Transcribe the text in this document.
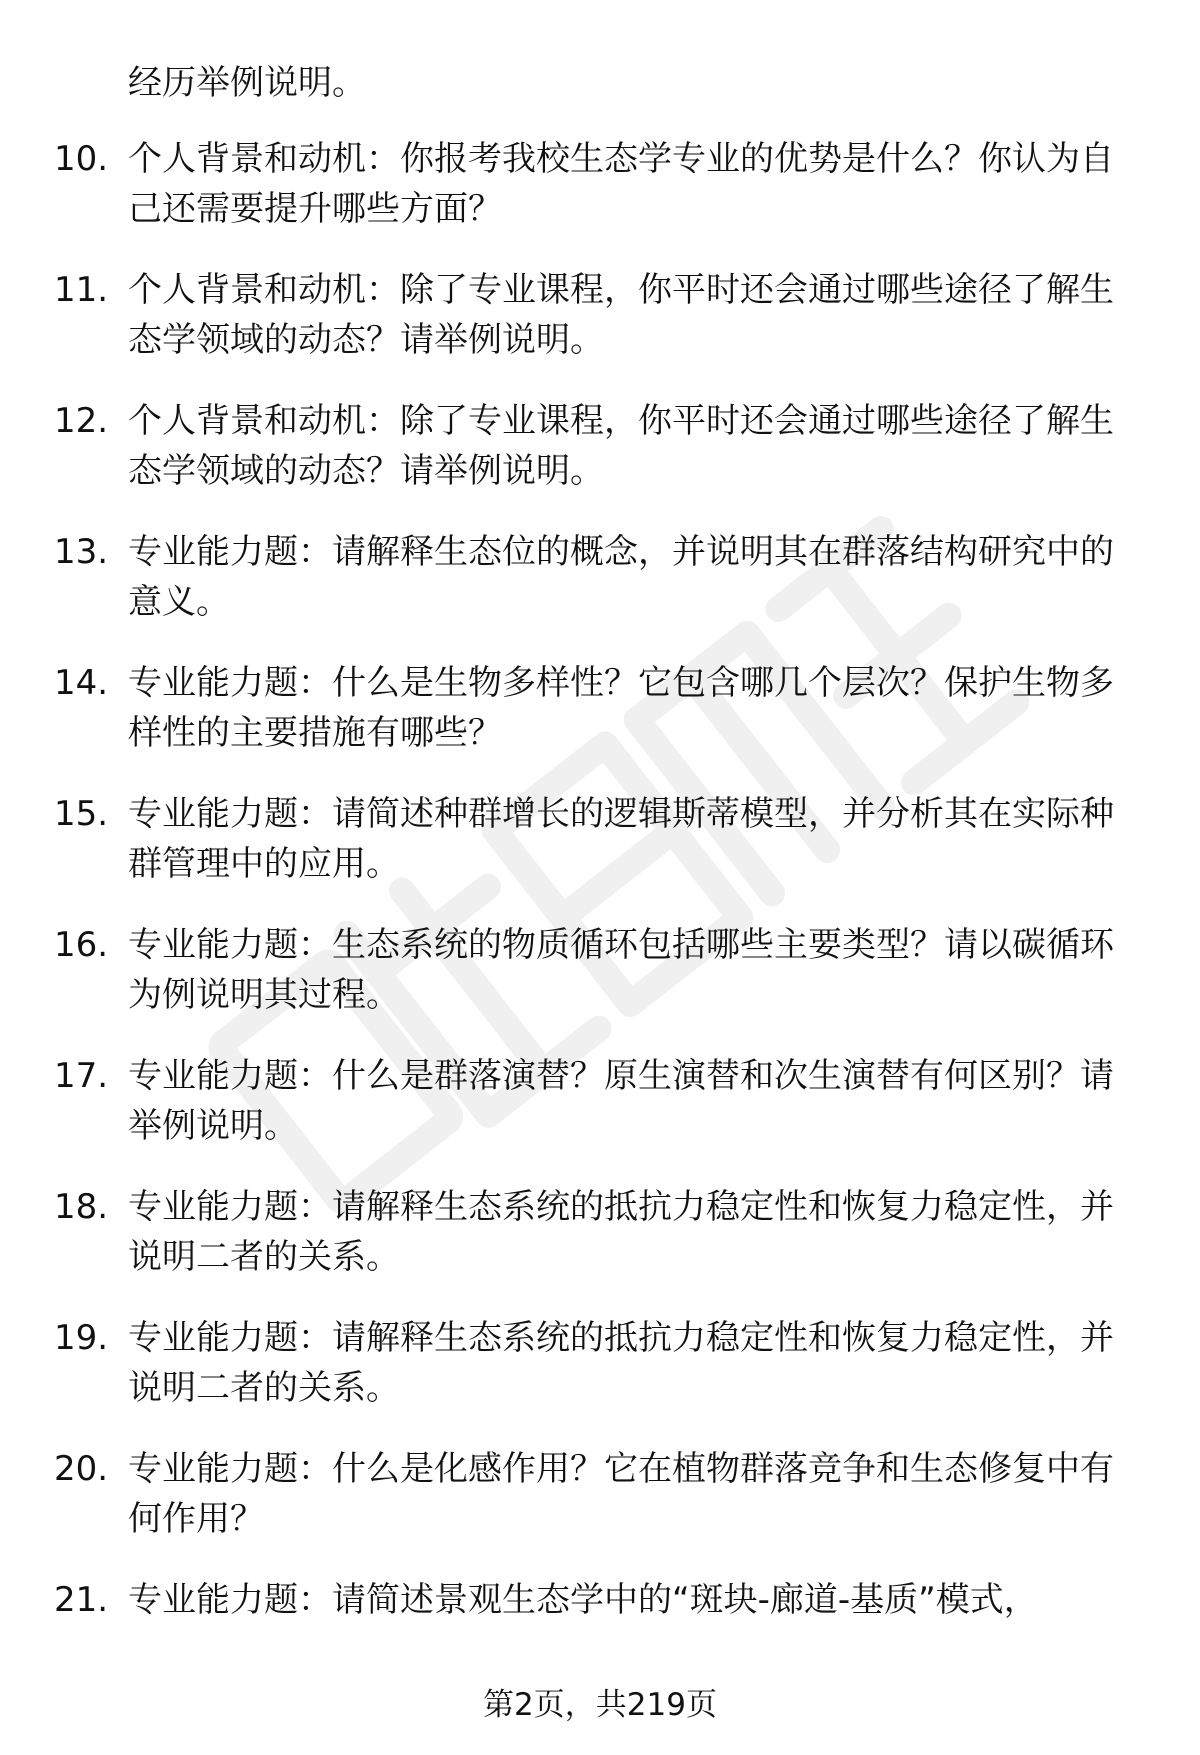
经历举例说明。

10. 个人背景和动机：你报考我校生态学专业的优势是什么？你认为自己还需要提升哪些方面？
11. 个人背景和动机：除了专业课程，你平时还会通过哪些途径了解生态学领域的动态？请举例说明。
12. 个人背景和动机：除了专业课程，你平时还会通过哪些途径了解生态学领域的动态？请举例说明。
13. 专业能力题：请解释生态位的概念，并说明其在群落结构研究中的意义。
14. 专业能力题：什么是生物多样性？它包含哪几个层次？保护生物多样性的主要措施有哪些？
15. 专业能力题：请简述种群增长的逻辑斯蒂模型，并分析其在实际种群管理中的应用。
16. 专业能力题：生态系统的物质循环包括哪些主要类型？请以碳循环为例说明其过程。
17. 专业能力题：什么是群落演替？原生演替和次生演替有何区别？请举例说明。
18. 专业能力题：请解释生态系统的抵抗力稳定性和恢复力稳定性，并说明二者的关系。
19. 专业能力题：请解释生态系统的抵抗力稳定性和恢复力稳定性，并说明二者的关系。
20. 专业能力题：什么是化感作用？它在植物群落竞争和生态修复中有何作用？
21. 专业能力题：请简述景观生态学中的“斑块-廊道-基质”模式，
第2页，共219页
